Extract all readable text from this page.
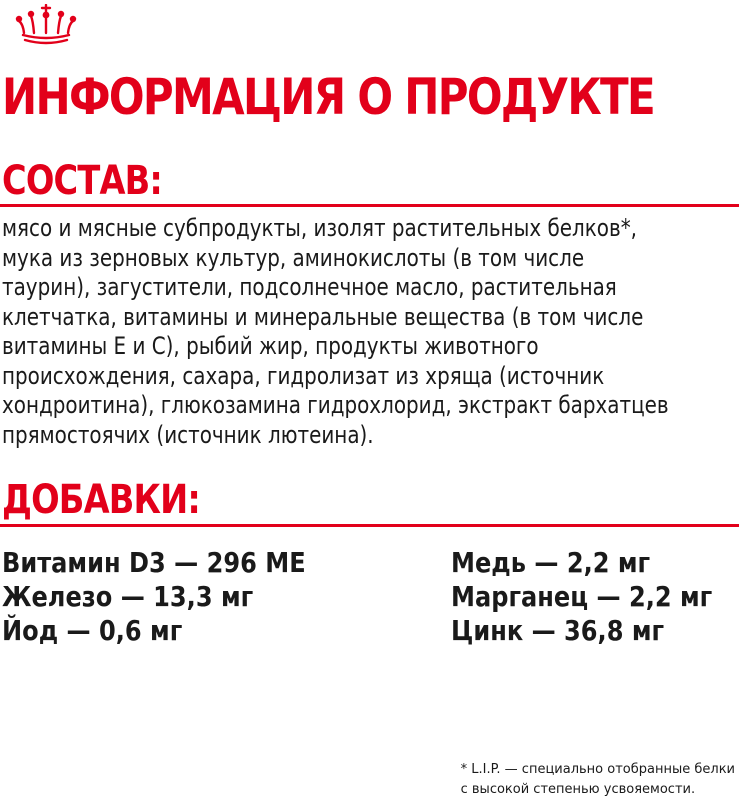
ИНФОРМАЦИЯ О ПРОДУКТЕ
СОСТАВ:

мясо и мясные субпродукты, изолят растительных белков*,
мука из зерновых культур, аминокислоты (в том числе
таурин), загустители, подсолнечное масло, растительная
клетчатка, витамины и минеральные вещества (в том числе
витамины Е и С), рыбий жир, продукты животного
происхождения, сахара, гидролизат из хряща (источник
хондроитина), глюкозамина гидрохлорид, экстракт бархатцев
прямостоячих (источник лютеина).

ДОБАВКИ:
Витамин D3 — 296 МЕ
Железо — 13,3 мг
Йод — 0,6 мг
Медь — 2,2 мг
Марганец — 2,2 мг
Цинк — 36,8 мг

* L.I.P. — специально отобранные белки
с высокой степенью усвояемости.
